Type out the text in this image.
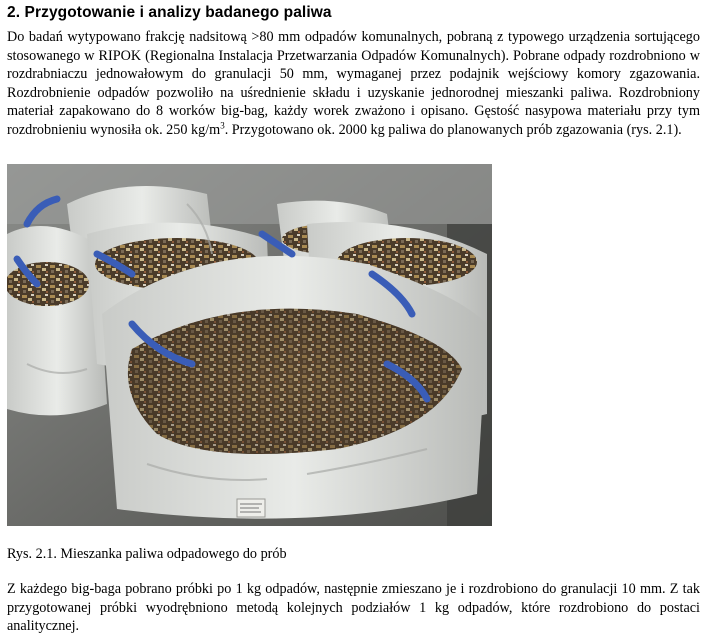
2. Przygotowanie i analizy badanego paliwa

Do badań wytypowano frakcję nadsitową >80 mm odpadów komunalnych, pobraną z typowego urządzenia sortującego stosowanego w RIPOK (Regionalna Instalacja Przetwarzania Odpadów Komunalnych). Pobrane odpady rozdrobniono w rozdrabniaczu jednowałowym do granulacji 50 mm, wymaganej przez podajnik wejściowy komory zgazowania. Rozdrobnienie odpadów pozwoliło na uśrednienie składu i uzyskanie jednorodnej mieszanki paliwa. Rozdrobniony materiał zapakowano do 8 worków big-bag, każdy worek zważono i opisano. Gęstość nasypowa materiału przy tym rozdrobnieniu wynosiła ok. 250 $kg/m^3$. Przygotowano ok. 2000 kg paliwa do planowanych prób zgazowania (rys. 2.1).

Rys. 2.1. Mieszanka paliwa odpadowego do prób

Z każdego big-baga pobrano próbki po 1 kg odpadów, następnie zmieszano je i rozdrobiono do granulacji 10 mm. Z tak przygotowanej próbki wyodrębniono metodą kolejnych podziałów 1 kg odpadów, które rozdrobiono do postaci analitycznej.
